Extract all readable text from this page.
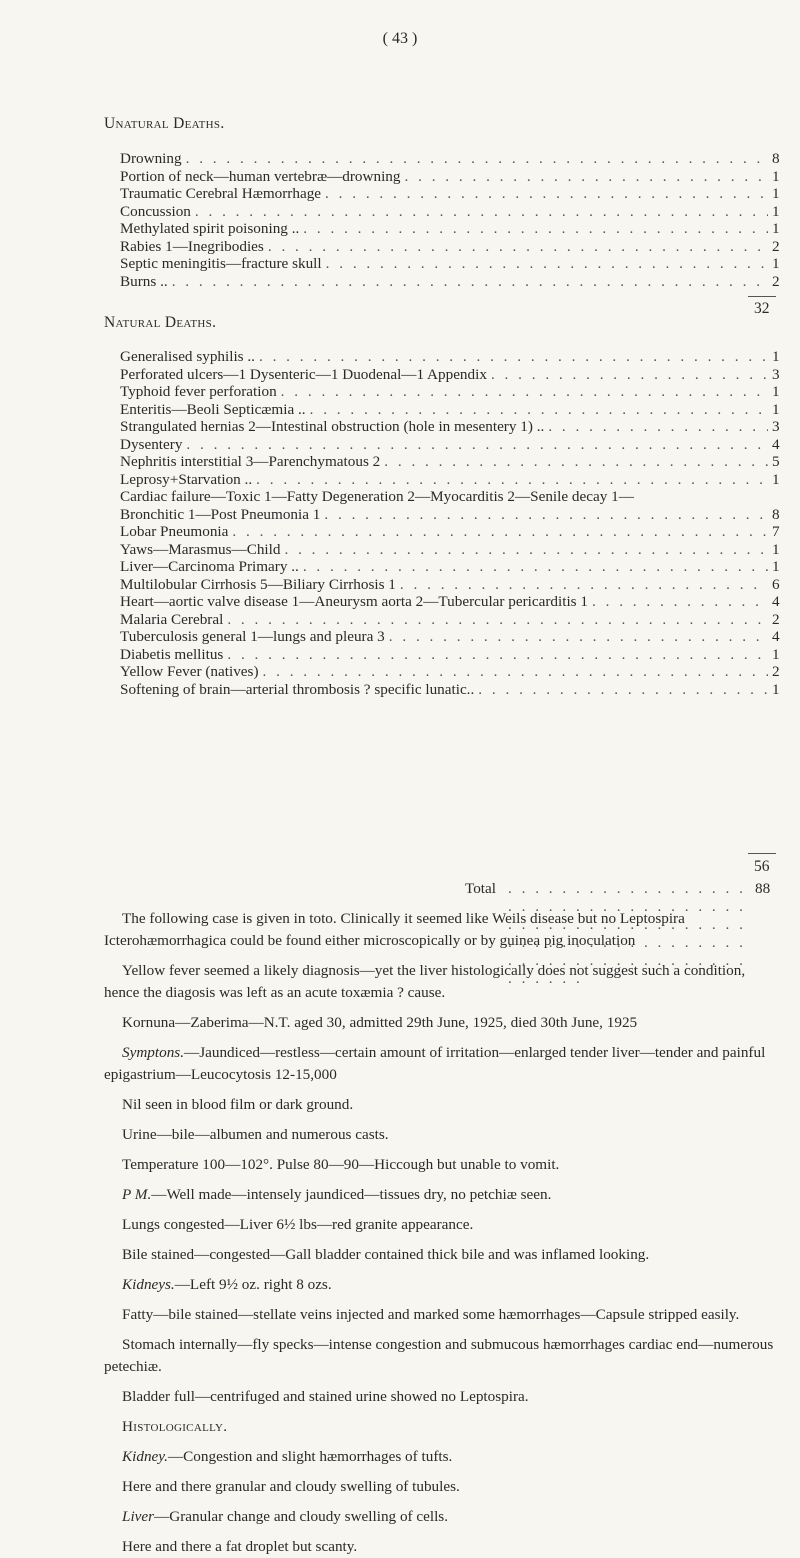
( 43 )
Unatural Deaths.
Drowning . . .	8
Portion of neck—human vertebræ—drowning . . .	1
Traumatic Cerebral Hæmorrhage . . .	1
Concussion . . .	1
Methylated spirit poisoning .. . . .	1
Rabies 1—Inegribodies . . .	2
Septic meningitis—fracture skull . . .	1
Burns .. . . .	2
32
Natural Deaths.
Generalised syphilis .. . . .	1
Perforated ulcers—1 Dysenteric—1 Duodenal—1 Appendix . . .	3
Typhoid fever perforation . . .	1
Enteritis—Beoli Septicæmia .. . . .	1
Strangulated hernias 2—Intestinal obstruction (hole in mesentery 1) .. . . .	3
Dysentery . . .	4
Nephritis interstitial 3—Parenchymatous 2 . . .	5
Leprosy+Starvation .. . . .	1
Cardiac failure—Toxic 1—Fatty Degeneration 2—Myocarditis 2—Senile decay 1—
Bronchitic 1—Post Pneumonia 1 . . .	8
Lobar Pneumonia . . .	7
Yaws—Marasmus—Child . . .	1
Liver—Carcinoma Primary .. . . .	1
Multilobular Cirrhosis 5—Biliary Cirrhosis 1 . . .	6
Heart—aortic valve disease 1—Aneurysm aorta 2—Tubercular pericarditis 1 . . .	4
Malaria Cerebral . . .	2
Tuberculosis general 1—lungs and pleura 3 . . .	4
Diabetis mellitus . . .	1
Yellow Fever (natives) . . .	2
Softening of brain—arterial thrombosis ? specific lunatic.. . . .	1
56
Total . . .	88

The following case is given in toto. Clinically it seemed like Weils disease but no Leptospira Icterohæmorrhagica could be found either microscopically or by guinea pig inoculation

Yellow fever seemed a likely diagnosis—yet the liver histologically does not suggest such a condition, hence the diagosis was left as an acute toxæmia ? cause.

Kornuna—Zaberima—N.T. aged 30, admitted 29th June, 1925, died 30th June, 1925

Symptons.—Jaundiced—restless—certain amount of irritation—enlarged tender liver—tender and painful epigastrium—Leucocytosis 12-15,000

Nil seen in blood film or dark ground.

Urine—bile—albumen and numerous casts.

Temperature 100—102°. Pulse 80—90—Hiccough but unable to vomit.

P M.—Well made—intensely jaundiced—tissues dry, no petchiæ seen.

Lungs congested—Liver 6½ lbs—red granite appearance.

Bile stained—congested—Gall bladder contained thick bile and was inflamed looking.

Kidneys.—Left 9½ oz. right 8 ozs.

Fatty—bile stained—stellate veins injected and marked some hæmorrhages—Capsule stripped easily.

Stomach internally—fly specks—intense congestion and submucous hæmorrhages cardiac end—numerous petechiæ.

Bladder full—centrifuged and stained urine showed no Leptospira.

Histologically.

Kidney.—Congestion and slight hæmorrhages of tufts.

Here and there granular and cloudy swelling of tubules.

Liver—Granular change and cloudy swelling of cells.

Here and there a fat droplet but scanty.
